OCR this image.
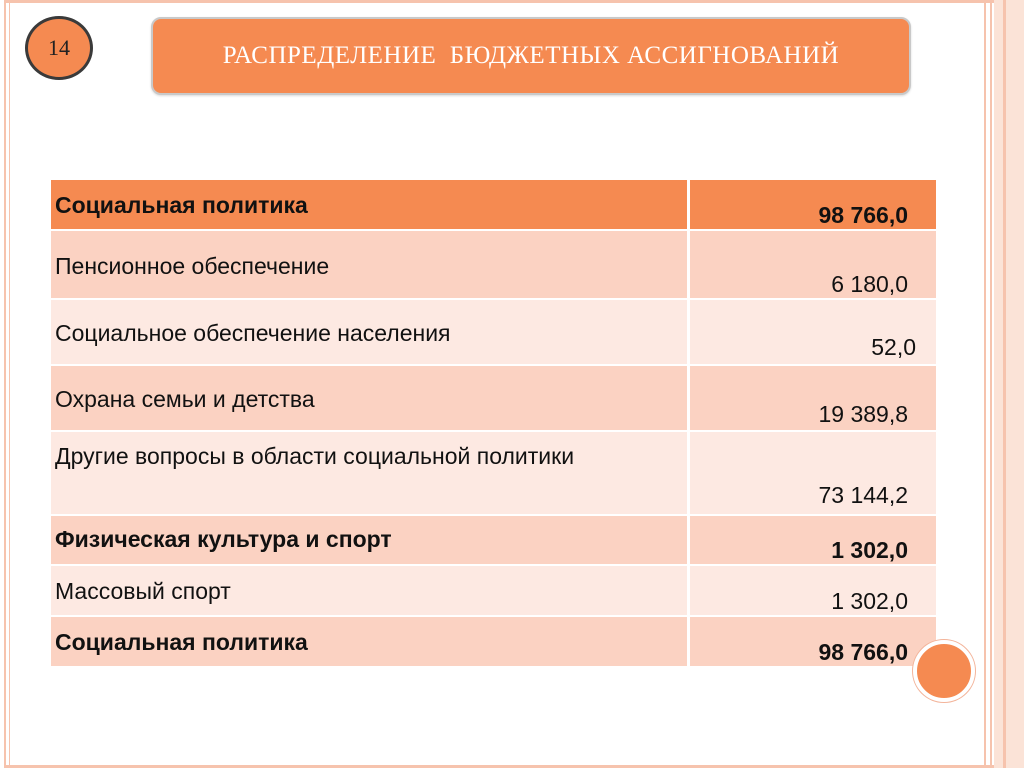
14	РАСПРЕДЕЛЕНИЕ  БЮДЖЕТНЫХ АССИГНОВАНИЙ
Социальная политика	98 766,0

Пенсионное обеспечение	6 180,0

Социальное обеспечение населения	52,0

Охрана семьи и детства	19 389,8

Другие вопросы в области социальной политики	73 144,2

Физическая культура и спорт	1 302,0

Массовый спорт	1 302,0

Социальная политика	98 766,0
